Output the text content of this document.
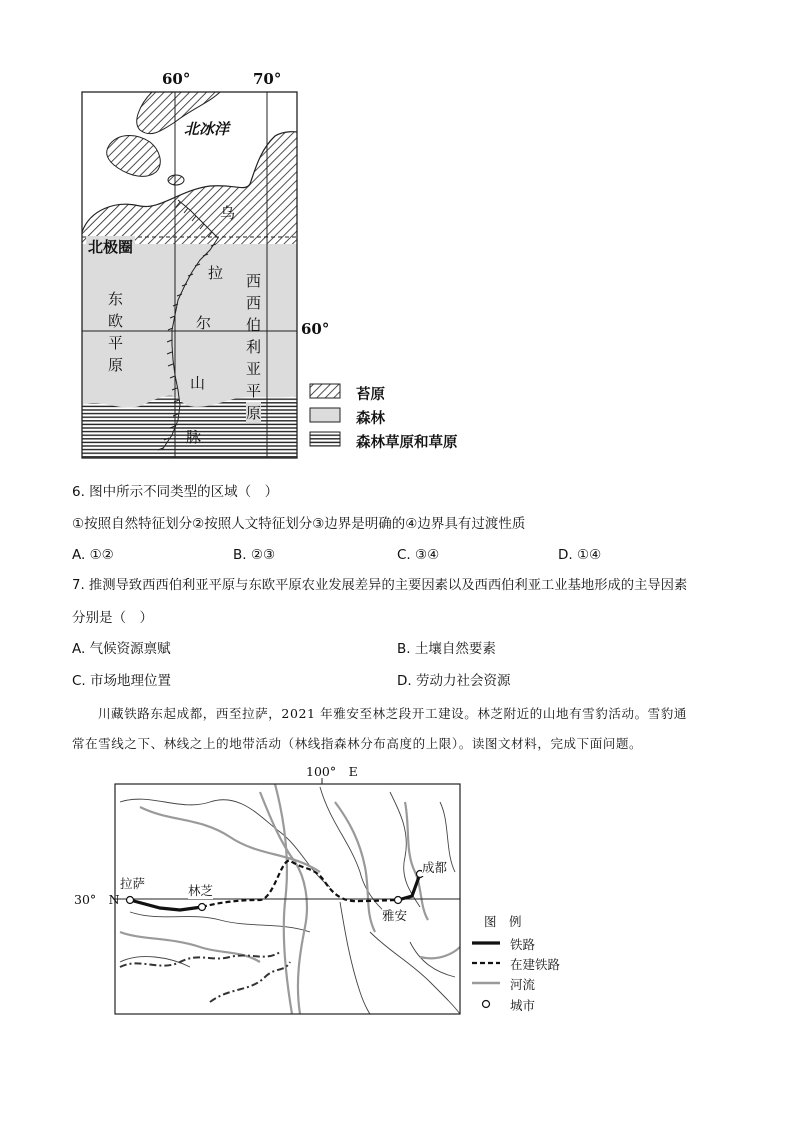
60°	70°
60°
北冰洋
北极圈
乌
拉
尔
山
脉
东
欧
平
原
西
西
伯
利
亚
平
原
苔原
森林
森林草原和草原
6. 图中所示不同类型的区域（　）
①按照自然特征划分②按照人文特征划分③边界是明确的④边界具有过渡性质
A. ①②	B. ②③	C. ③④	D. ①④
7. 推测导致西西伯利亚平原与东欧平原农业发展差异的主要因素以及西西伯利亚工业基地形成的主导因素
分别是（　）
A. 气候资源禀赋	B. 土壤自然要素
C. 市场地理位置	D. 劳动力社会资源
川藏铁路东起成都，西至拉萨，2021 年雅安至林芝段开工建设。林芝附近的山地有雪豹活动。雪豹通
常在雪线之下、林线之上的地带活动（林线指森林分布高度的上限）。读图文材料，完成下面问题。
100°　E
30°　N
拉萨	林芝
雅安
成都
图　例
铁路
在建铁路
河流
城市
